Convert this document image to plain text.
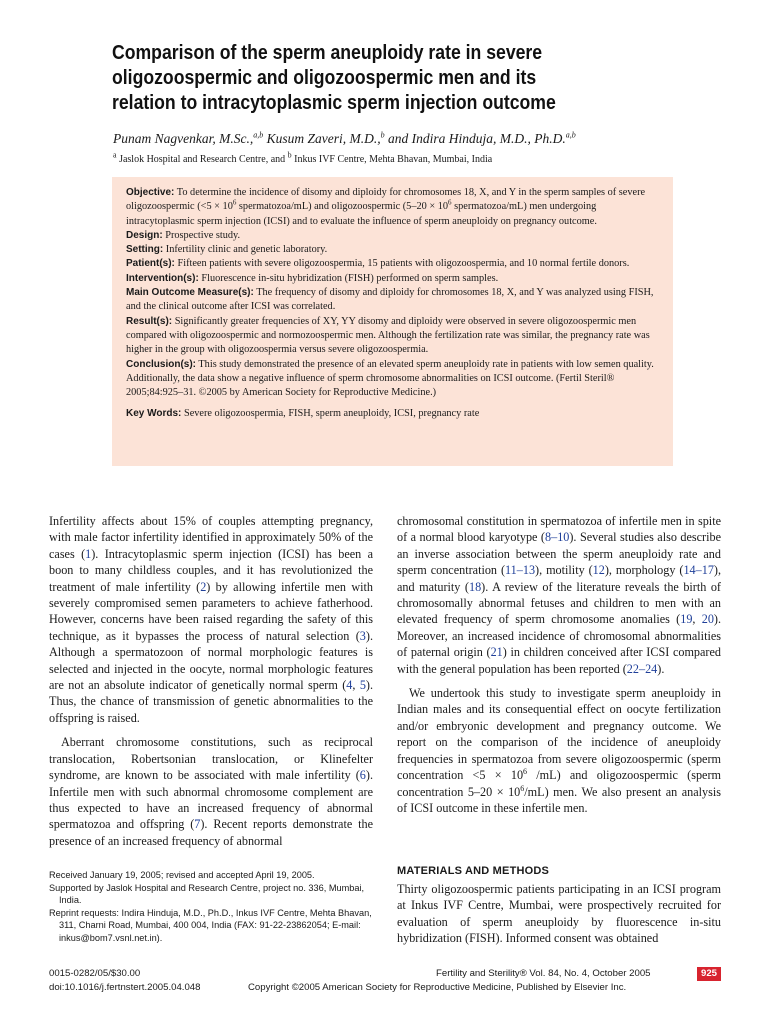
Comparison of the sperm aneuploidy rate in severe
oligozoospermic and oligozoospermic men and its
relation to intracytoplasmic sperm injection outcome
Punam Nagvenkar, M.Sc.,$^{a,b}$ Kusum Zaveri, M.D.,$^b$ and Indira Hinduja, M.D., Ph.D.$^{a,b}$
$^a$ Jaslok Hospital and Research Centre, and $^b$ Inkus IVF Centre, Mehta Bhavan, Mumbai, India

Objective: To determine the incidence of disomy and diploidy for chromosomes 18, X, and Y in the sperm samples of severe oligozoospermic ($<5 \times 10^6$ spermatozoa/mL) and oligozoospermic ($5-20 \times 10^6$ spermatozoa/mL) men undergoing intracytoplasmic sperm injection (ICSI) and to evaluate the influence of sperm aneuploidy on pregnancy outcome.

Design: Prospective study.

Setting: Infertility clinic and genetic laboratory.

Patient(s): Fifteen patients with severe oligozoospermia, 15 patients with oligozoospermia, and 10 normal fertile donors.

Intervention(s): Fluorescence in-situ hybridization (FISH) performed on sperm samples.

Main Outcome Measure(s): The frequency of disomy and diploidy for chromosomes 18, X, and Y was analyzed using FISH, and the clinical outcome after ICSI was correlated.

Result(s): Significantly greater frequencies of XY, YY disomy and diploidy were observed in severe oligozoospermic men compared with oligozoospermic and normozoospermic men. Although the fertilization rate was similar, the pregnancy rate was higher in the group with oligozoospermia versus severe oligozoospermia.

Conclusion(s): This study demonstrated the presence of an elevated sperm aneuploidy rate in patients with low semen quality. Additionally, the data show a negative influence of sperm chromosome abnormalities on ICSI outcome. (Fertil Steril® 2005;84:925–31. ©2005 by American Society for Reproductive Medicine.)

Key Words: Severe oligozoospermia, FISH, sperm aneuploidy, ICSI, pregnancy rate

Infertility affects about 15% of couples attempting pregnancy, with male factor infertility identified in approximately 50% of the cases (1). Intracytoplasmic sperm injection (ICSI) has been a boon to many childless couples, and it has revolutionized the treatment of male infertility (2) by allowing infertile men with severely compromised semen parameters to achieve fatherhood. However, concerns have been raised regarding the safety of this technique, as it bypasses the process of natural selection (3). Although a spermatozoon of normal morphologic features is selected and injected in the oocyte, normal morphologic features are not an absolute indicator of genetically normal sperm (4, 5). Thus, the chance of transmission of genetic abnormalities to the offspring is raised.

Aberrant chromosome constitutions, such as reciprocal translocation, Robertsonian translocation, or Klinefelter syndrome, are known to be associated with male infertility (6). Infertile men with such abnormal chromosome complement are thus expected to have an increased frequency of abnormal spermatozoa and offspring (7). Recent reports demonstrate the presence of an increased frequency of abnormal

chromosomal constitution in spermatozoa of infertile men in spite of a normal blood karyotype (8–10). Several studies also describe an inverse association between the sperm aneuploidy rate and sperm concentration (11–13), motility (12), morphology (14–17), and maturity (18). A review of the literature reveals the birth of chromosomally abnormal fetuses and children to men with an elevated frequency of sperm chromosome anomalies (19, 20). Moreover, an increased incidence of chromosomal abnormalities of paternal origin (21) in children conceived after ICSI compared with the general population has been reported (22–24).

We undertook this study to investigate sperm aneuploidy in Indian males and its consequential effect on oocyte fertilization and/or embryonic development and pregnancy outcome. We report on the comparison of the incidence of aneuploidy frequencies in spermatozoa from severe oligozoospermic (sperm concentration $<5 \times 10^6$ /mL) and oligozoospermic (sperm concentration $5-20 \times 10^6/mL$) men. We also present an analysis of ICSI outcome in these infertile men.

MATERIALS AND METHODS

Thirty oligozoospermic patients participating in an ICSI program at Inkus IVF Centre, Mumbai, were prospectively recruited for evaluation of sperm aneuploidy by fluorescence in-situ hybridization (FISH). Informed consent was obtained

Received January 19, 2005; revised and accepted April 19, 2005.

Supported by Jaslok Hospital and Research Centre, project no. 336, Mumbai, India.

Reprint requests: Indira Hinduja, M.D., Ph.D., Inkus IVF Centre, Mehta Bhavan, 311, Charni Road, Mumbai, 400 004, India (FAX: 91-22-23862054; E-mail: inkus@bom7.vsnl.net.in).

0015-0282/05/$30.00
doi:10.1016/j.fertnstert.2005.04.048
Fertility and Sterility® Vol. 84, No. 4, October 2005
Copyright ©2005 American Society for Reproductive Medicine, Published by Elsevier Inc.
925
